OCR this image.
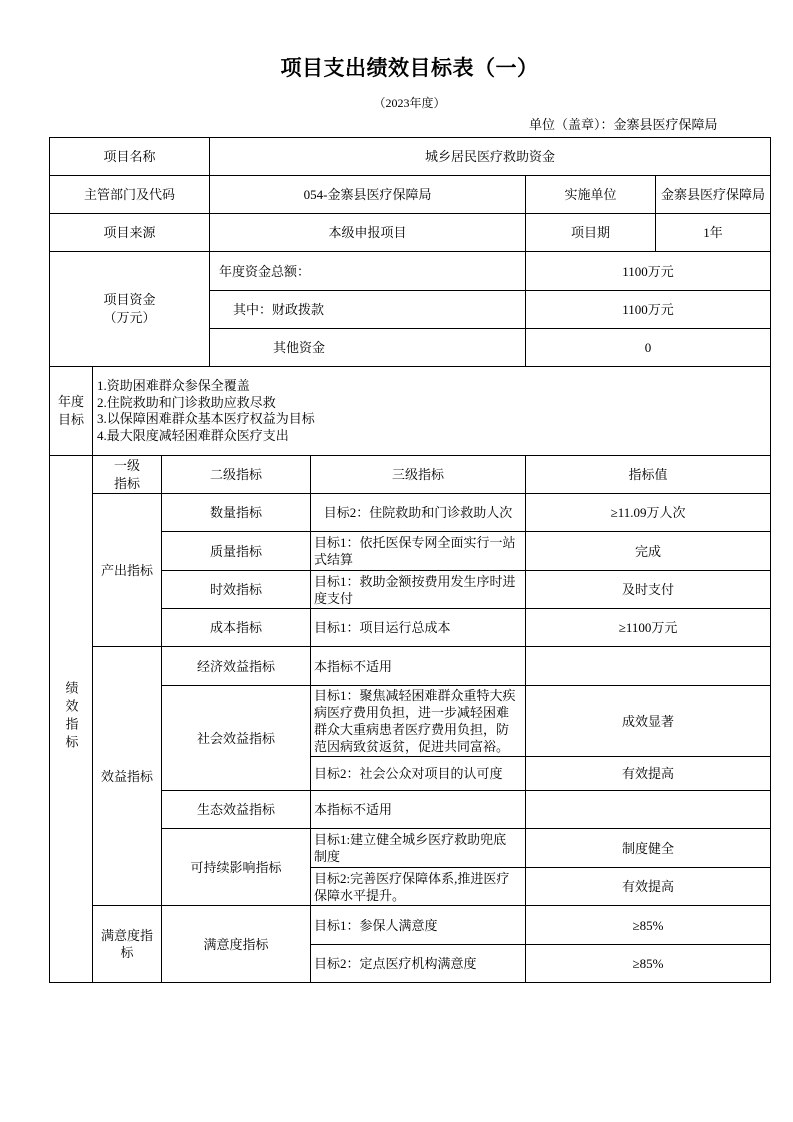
项目支出绩效目标表（一）
（2023年度）
单位（盖章）：金寨县医疗保障局
项目名称			城乡居民医疗救助资金			
主管部门及代码			054-金寨县医疗保障局		实施单位	金寨县医疗保障局
项目来源			本级申报项目		项目期	1年

项目资金
（万元）			年度资金总额：		1100万元	
			其中：财政拨款		1100万元	
			其他资金		0	
年度目标	1.资助困难群众参保全覆盖
2.住院救助和门诊救助应救尽救
3.以保障困难群众基本医疗权益为目标
4.最大限度减轻困难群众医疗支出					

绩效指标	一级指标	二级指标		三级指标	指标值	
	产出指标	数量指标		目标2：住院救助和门诊救助人次	≥11.09万人次	
		质量指标		目标1：依托医保专网全面实行一站式结算	完成	
		时效指标		目标1：救助金额按费用发生序时进度支付	及时支付	
		成本指标		目标1：项目运行总成本	≥1100万元	
	效益指标	经济效益指标		本指标不适用		
		社会效益指标		目标1：聚焦减轻困难群众重特大疾病医疗费用负担，进一步减轻困难群众大重病患者医疗费用负担，防范因病致贫返贫，促进共同富裕。	成效显著	
				目标2：社会公众对项目的认可度	有效提高	
		生态效益指标		本指标不适用		
		可持续影响指标		目标1:建立健全城乡医疗救助兜底制度	制度健全	
				目标2:完善医疗保障体系,推进医疗保障水平提升。	有效提高	
	满意度指标	满意度指标		目标1：参保人满意度	≥85%	
				目标2：定点医疗机构满意度	≥85%	
